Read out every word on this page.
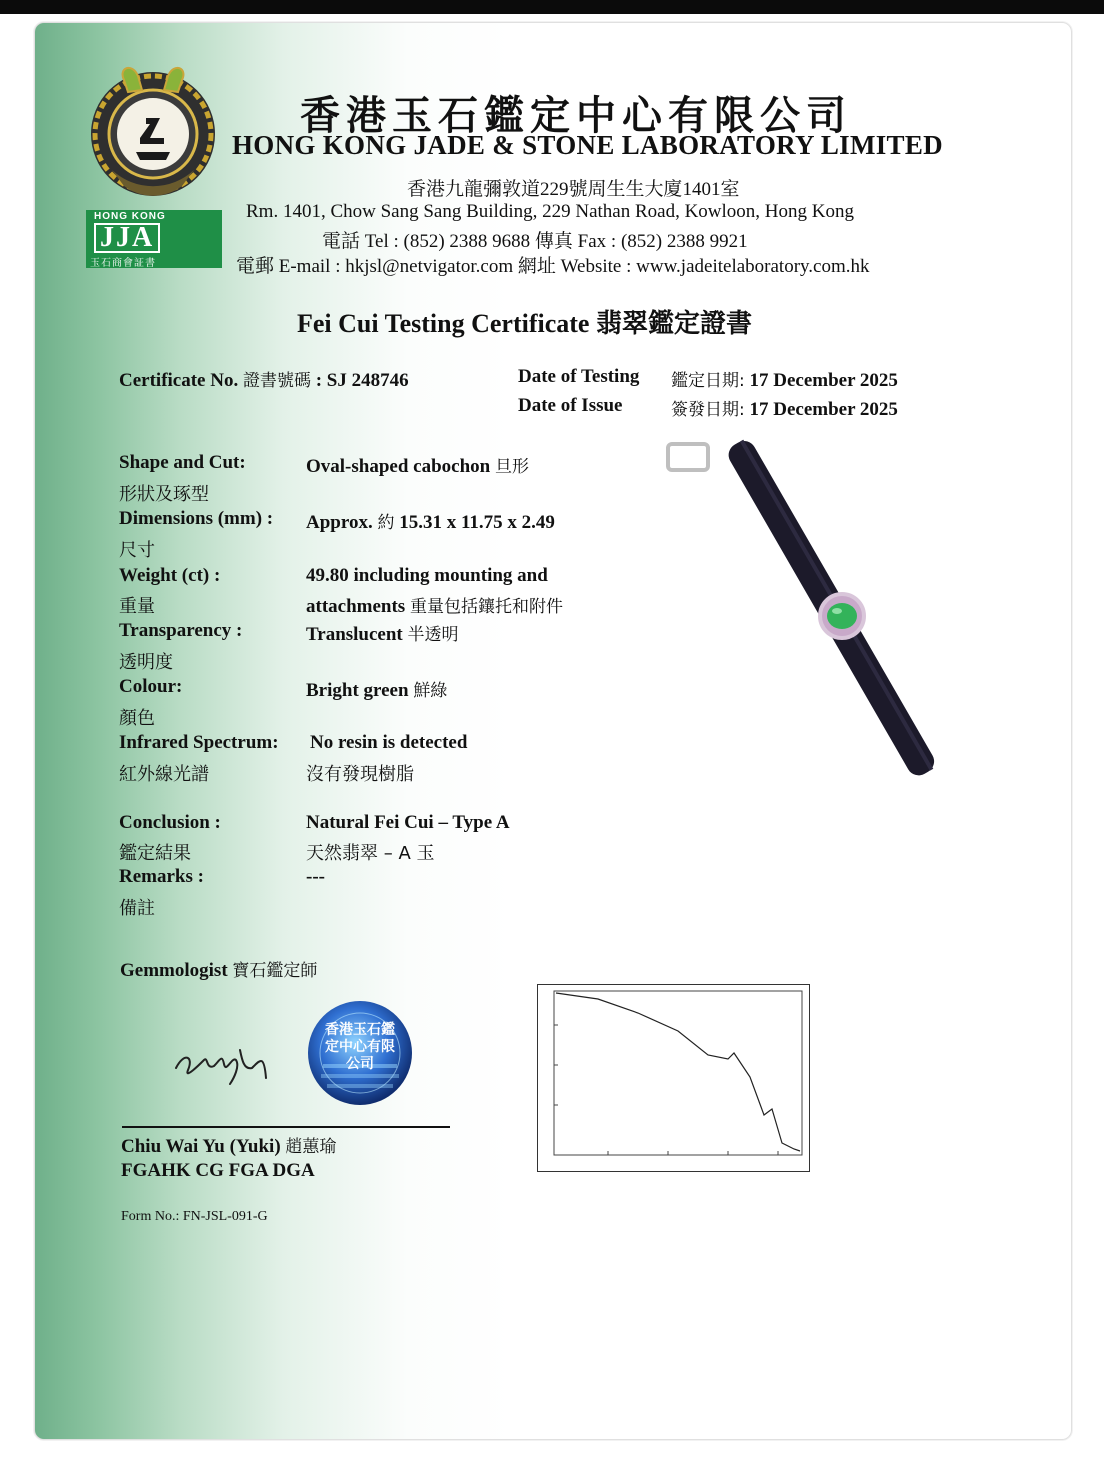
HONG KONG
JJA
玉石商會証書
香港玉石鑑定中心有限公司
HONG KONG JADE & STONE LABORATORY LIMITED
香港九龍彌敦道229號周生生大廈1401室
Rm. 1401, Chow Sang Sang Building, 229 Nathan Road, Kowloon, Hong Kong
電話 Tel : (852) 2388 9688 傳真 Fax : (852) 2388 9921
電郵 E-mail : hkjsl@netvigator.com 網址 Website : www.jadeitelaboratory.com.hk
Fei Cui Testing Certificate 翡翠鑑定證書
Certificate No. 證書號碼 : SJ 248746	Date of Testing 鑑定日期: 17 December 2025
Date of Issue	簽發日期: 17 December 2025
Shape and Cut:
形狀及琢型
Dimensions (mm) :
尺寸
Weight (ct) :
重量
Transparency :
透明度
Colour:
顏色
Infrared Spectrum:
紅外線光譜
Conclusion :
鑑定結果
Remarks :
備註
Oval-shaped cabochon 旦形
Approx. 約 15.31 x 11.75 x 2.49
49.80 including mounting and
attachments 重量包括鑲托和附件
Translucent 半透明
Bright green 鮮綠
No resin is detected
沒有發現樹脂
Natural Fei Cui – Type A
天然翡翠 – A 玉
---
Gemmologist 寶石鑑定師
香港玉石鑑定中心有限公司
Chiu Wai Yu (Yuki) 趙蕙瑜
FGAHK CG FGA DGA
Form No.: FN-JSL-091-G
